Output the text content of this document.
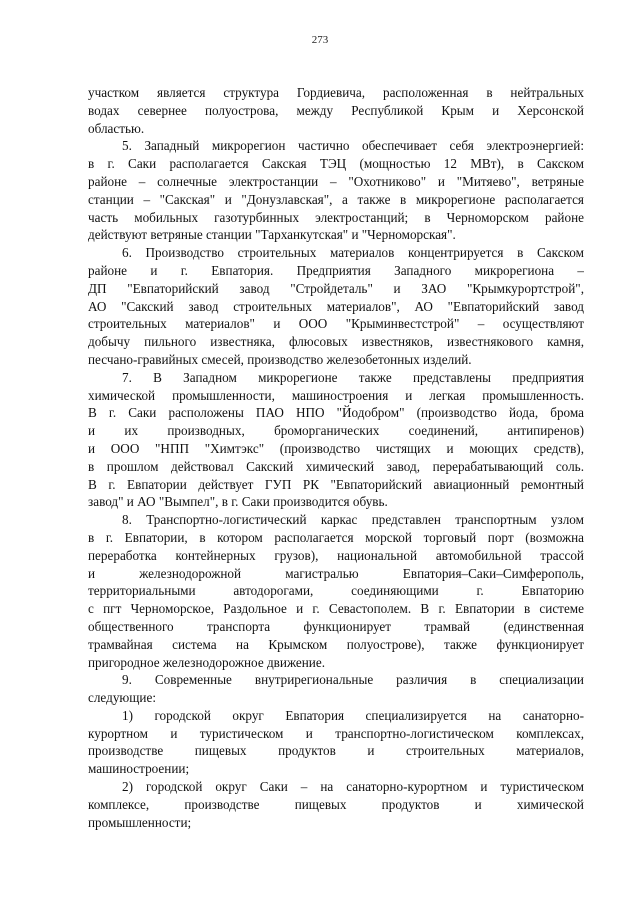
273
участком является структура Гордиевича, расположенная в нейтральных
водах севернее полуострова, между Республикой Крым и Херсонской
областью.
5. Западный микрорегион частично обеспечивает себя электроэнергией:
в г. Саки располагается Сакская ТЭЦ (мощностью 12 МВт), в Сакском
районе – солнечные электростанции – "Охотниково" и "Митяево", ветряные
станции – "Сакская" и "Донузлавская", а также в микрорегионе располагается
часть мобильных газотурбинных электростанций; в Черноморском районе
действуют ветряные станции "Тарханкутская" и "Черноморская".
6. Производство строительных материалов концентрируется в Сакском
районе и г. Евпатория. Предприятия Западного микрорегиона –
ДП "Евпаторийский завод "Стройдеталь" и ЗАО "Крымкурортстрой",
АО "Сакский завод строительных материалов", АО "Евпаторийский завод
строительных материалов" и ООО "Крыминвестстрой" – осуществляют
добычу пильного известняка, флюсовых известняков, известнякового камня,
песчано-гравийных смесей, производство железобетонных изделий.
7. В Западном микрорегионе также представлены предприятия
химической промышленности, машиностроения и легкая промышленность.
В г. Саки расположены ПАО НПО "Йодобром" (производство йода, брома
и их производных, броморганических соединений, антипиренов)
и ООО "НПП "Химтэкс" (производство чистящих и моющих средств),
в прошлом действовал Сакский химический завод, перерабатывающий соль.
В г. Евпатории действует ГУП РК "Евпаторийский авиационный ремонтный
завод" и АО "Вымпел", в г. Саки производится обувь.
8. Транспортно-логистический каркас представлен транспортным узлом
в г. Евпатории, в котором располагается морской торговый порт (возможна
переработка контейнерных грузов), национальной автомобильной трассой
и железнодорожной магистралью Евпатория–Саки–Симферополь,
территориальными автодорогами, соединяющими г. Евпаторию
с пгт Черноморское, Раздольное и г. Севастополем. В г. Евпатории в системе
общественного транспорта функционирует трамвай (единственная
трамвайная система на Крымском полуострове), также функционирует
пригородное железнодорожное движение.
9. Современные внутрирегиональные различия в специализации
следующие:
1) городской округ Евпатория специализируется на санаторно-
курортном и туристическом и транспортно-логистическом комплексах,
производстве пищевых продуктов и строительных материалов,
машиностроении;
2) городской округ Саки – на санаторно-курортном и туристическом
комплексе, производстве пищевых продуктов и химической
промышленности;
